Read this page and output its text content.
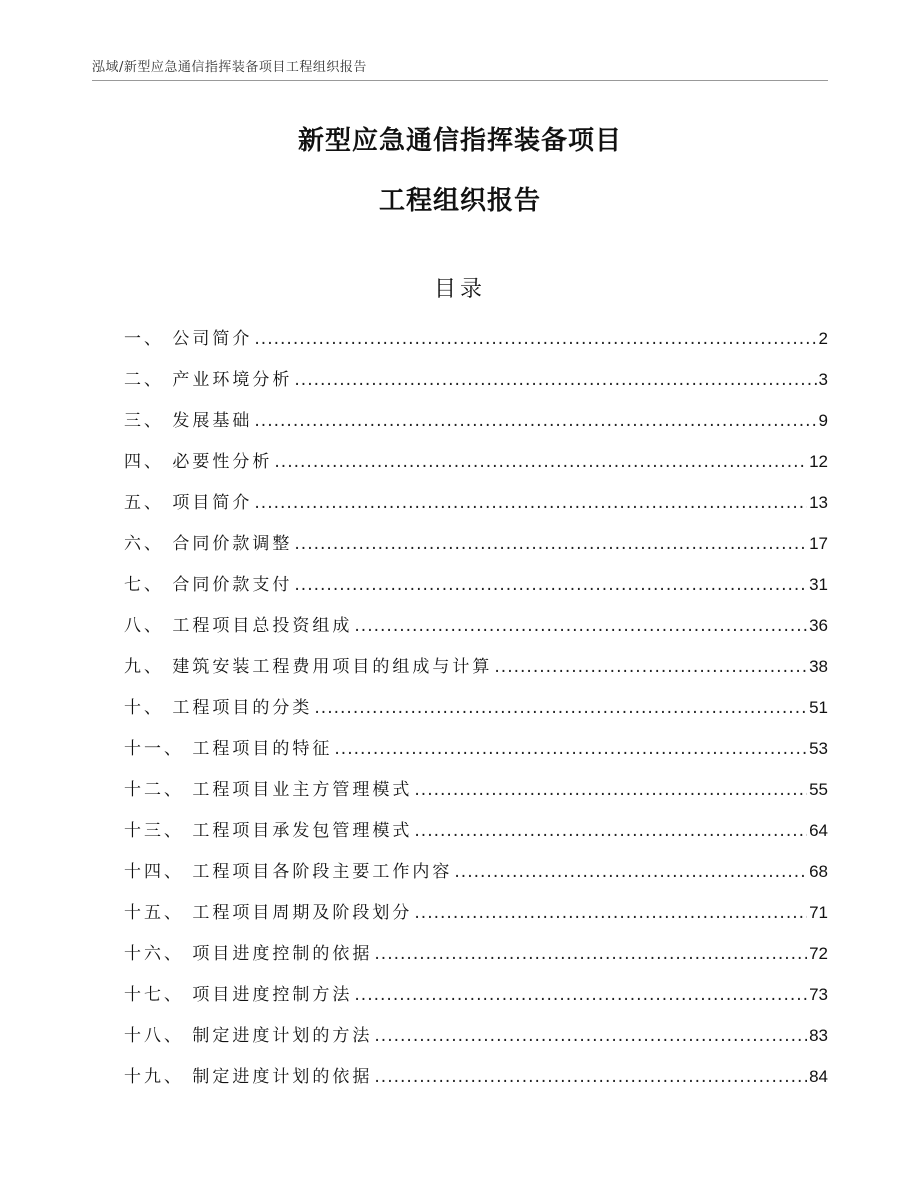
泓域/新型应急通信指挥装备项目工程组织报告
新型应急通信指挥装备项目
工程组织报告
目录
一、 公司简介 .....	2
二、 产业环境分析 .....	3
三、 发展基础 .....	9
四、 必要性分析 .....	12
五、 项目简介 .....	13
六、 合同价款调整 .....	17
七、 合同价款支付 .....	31
八、 工程项目总投资组成 .....	36
九、 建筑安装工程费用项目的组成与计算 .....	38
十、 工程项目的分类 .....	51
十一、 工程项目的特征 .....	53
十二、 工程项目业主方管理模式 .....	55
十三、 工程项目承发包管理模式 .....	64
十四、 工程项目各阶段主要工作内容 .....	68
十五、 工程项目周期及阶段划分 .....	71
十六、 项目进度控制的依据 .....	72
十七、 项目进度控制方法 .....	73
十八、 制定进度计划的方法 .....	83
十九、 制定进度计划的依据 .....	84
